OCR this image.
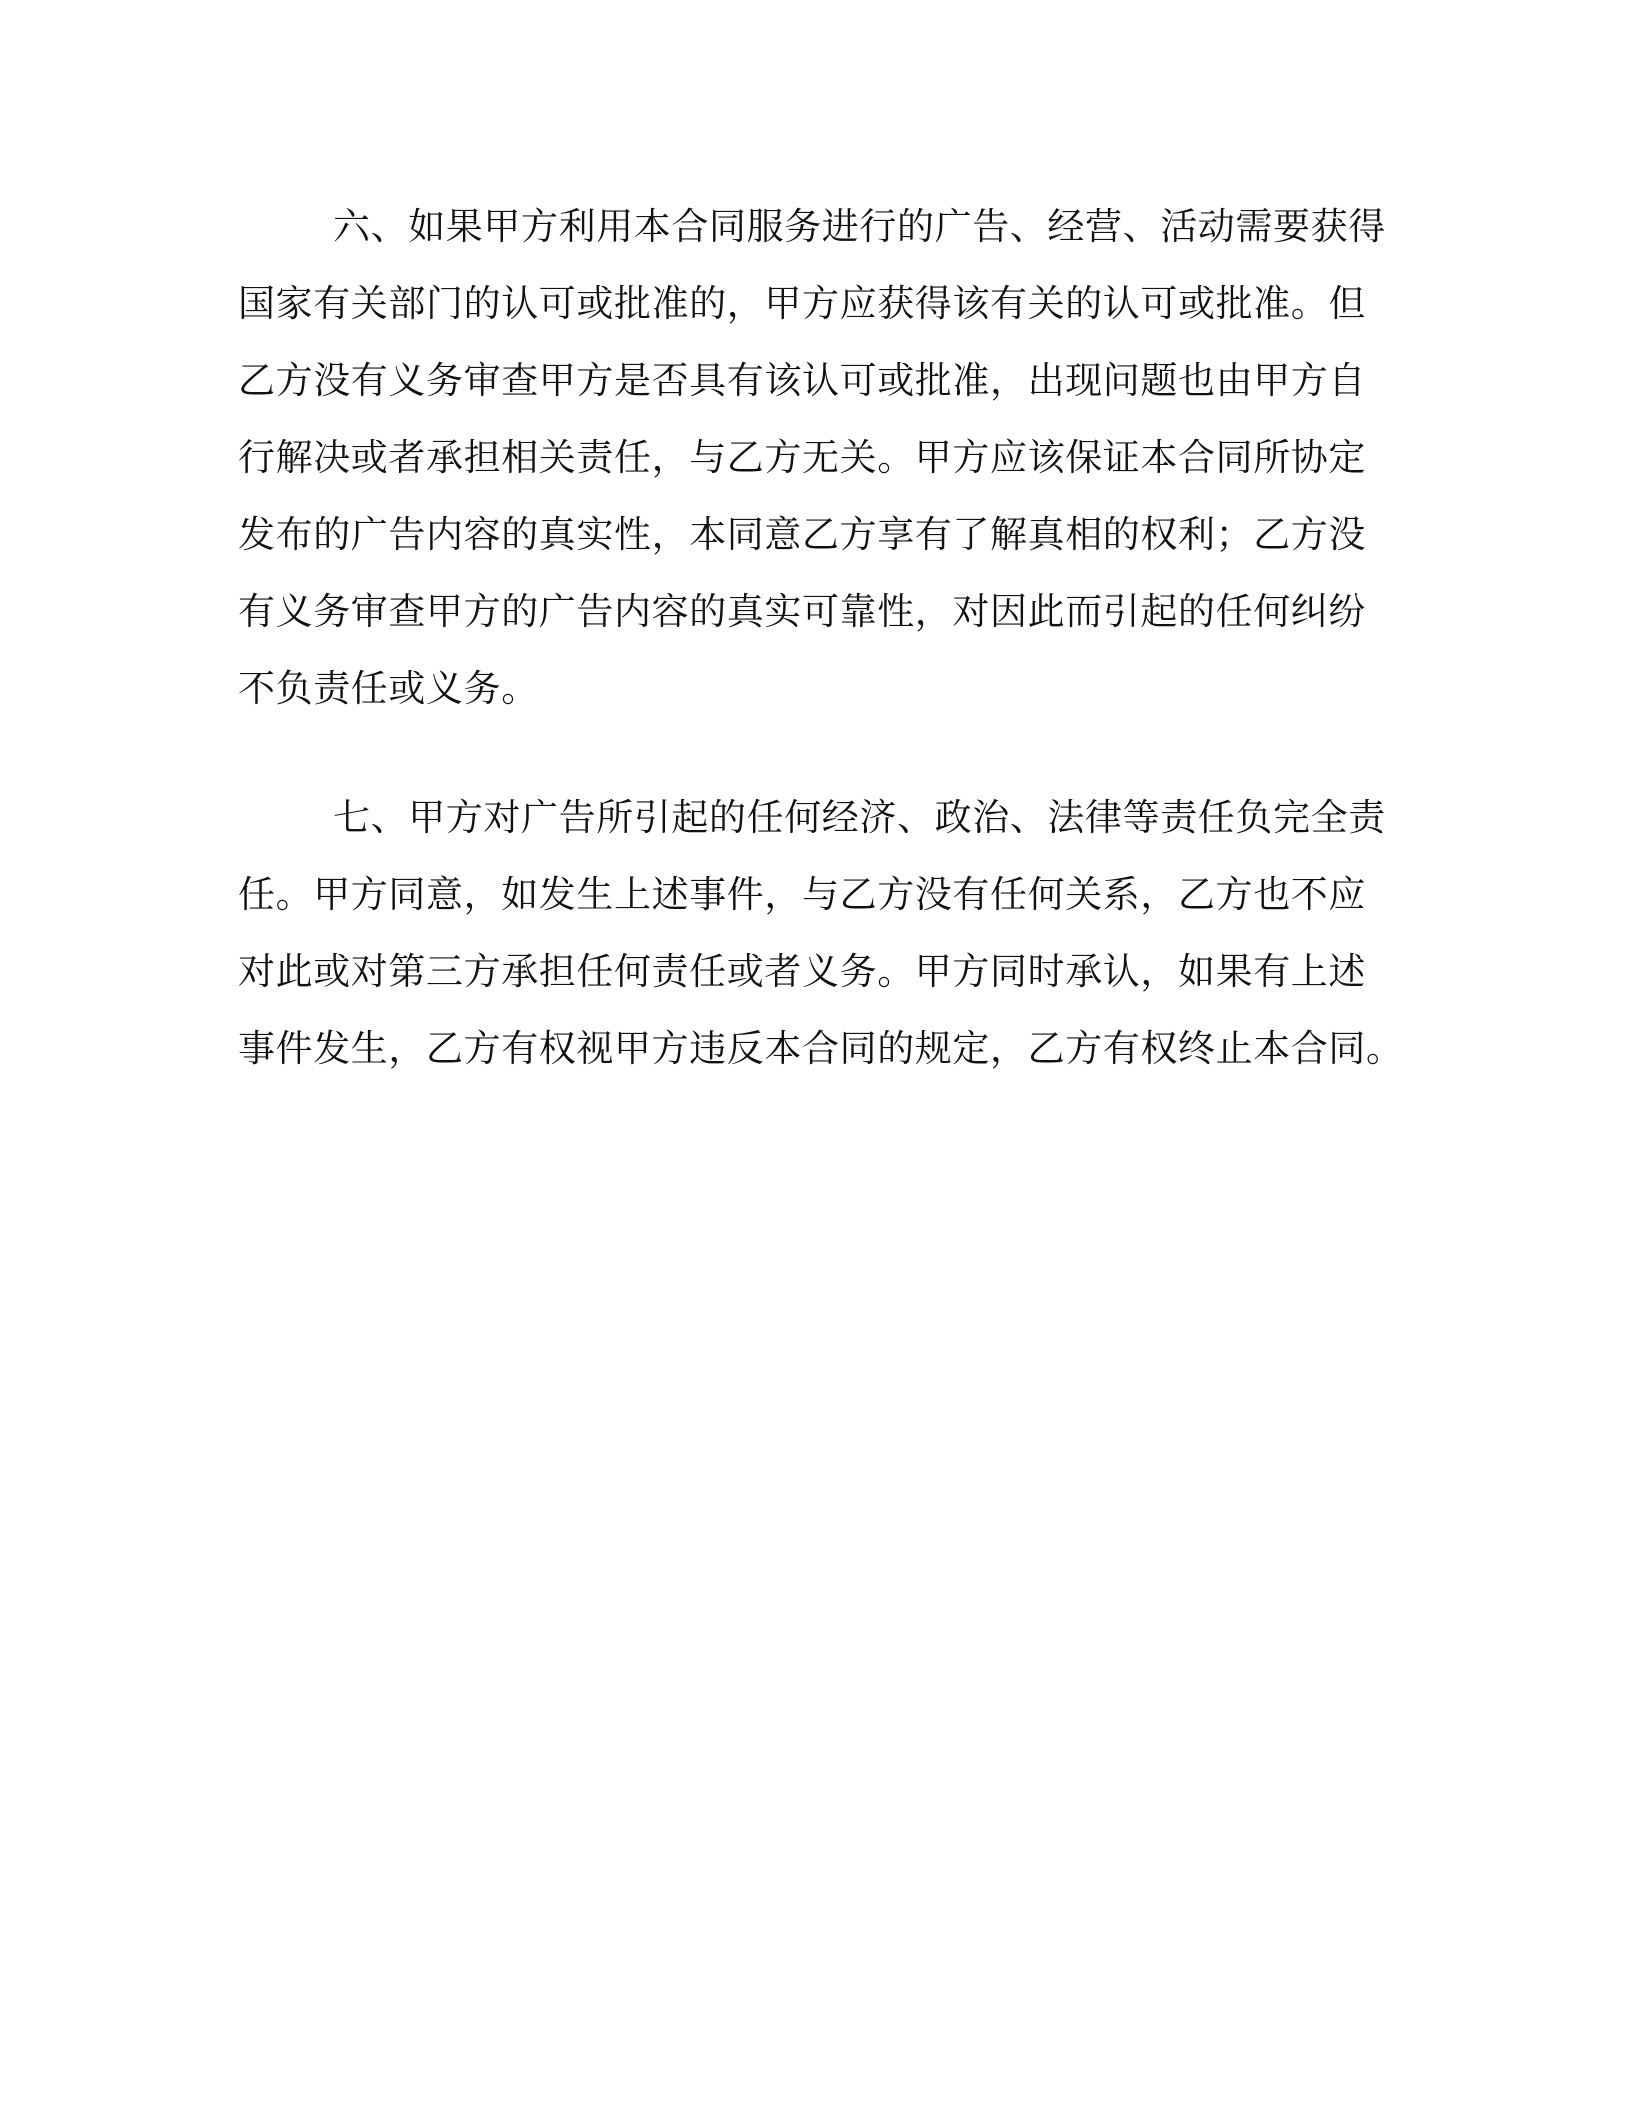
六、如果甲方利用本合同服务进行的广告、经营、活动需要获得
国家有关部门的认可或批准的，甲方应获得该有关的认可或批准。但
乙方没有义务审查甲方是否具有该认可或批准，出现问题也由甲方自
行解决或者承担相关责任，与乙方无关。甲方应该保证本合同所协定
发布的广告内容的真实性，本同意乙方享有了解真相的权利；乙方没
有义务审查甲方的广告内容的真实可靠性，对因此而引起的任何纠纷
不负责任或义务。
七、甲方对广告所引起的任何经济、政治、法律等责任负完全责
任。甲方同意，如发生上述事件，与乙方没有任何关系，乙方也不应
对此或对第三方承担任何责任或者义务。甲方同时承认，如果有上述
事件发生，乙方有权视甲方违反本合同的规定，乙方有权终止本合同。
